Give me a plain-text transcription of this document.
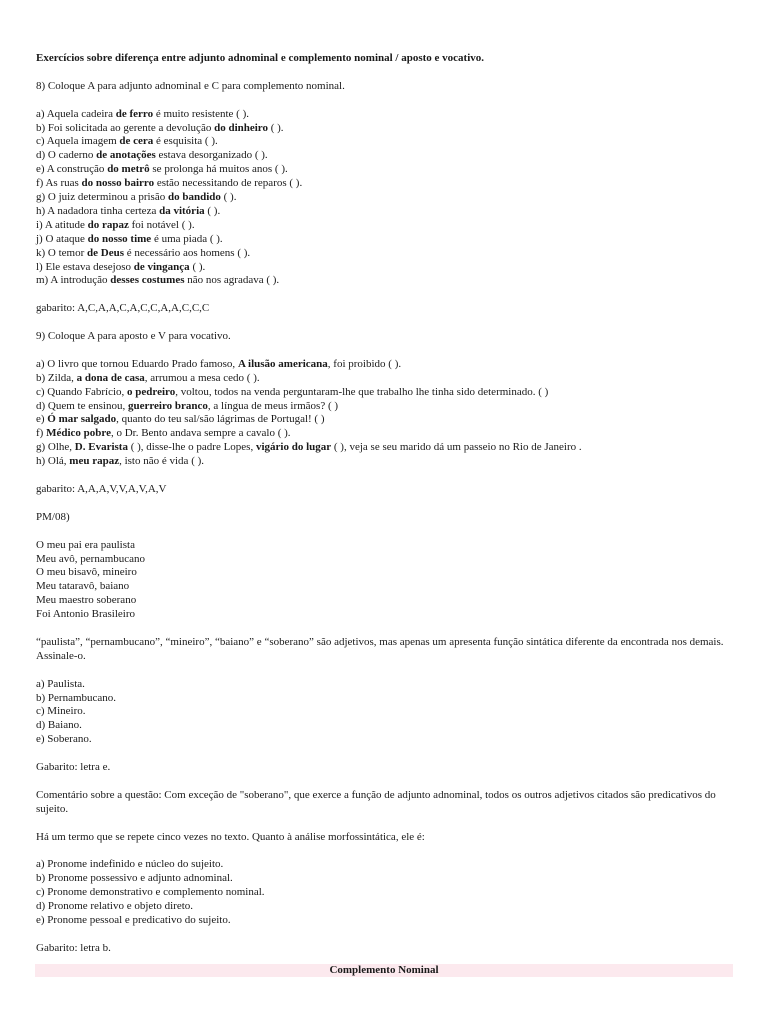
Exercícios sobre diferença entre adjunto adnominal e complemento nominal / aposto e vocativo.
8) Coloque A para adjunto adnominal e C para complemento nominal.
a) Aquela cadeira de ferro é muito resistente ( ).
b) Foi solicitada ao gerente a devolução do dinheiro ( ).
c) Aquela imagem de cera é esquisita ( ).
d) O caderno de anotações estava desorganizado ( ).
e) A construção do metrô se prolonga há muitos anos ( ).
f) As ruas do nosso bairro estão necessitando de reparos ( ).
g) O juiz determinou a prisão do bandido ( ).
h) A nadadora tinha certeza da vitória ( ).
i) A atitude do rapaz foi notável ( ).
j) O ataque do nosso time é uma piada ( ).
k) O temor de Deus é necessário aos homens ( ).
l) Ele estava desejoso de vingança ( ).
m) A introdução desses costumes não nos agradava ( ).
gabarito: A,C,A,A,C,A,C,C,A,A,C,C,C
9) Coloque A para aposto e V para vocativo.
a) O livro que tornou Eduardo Prado famoso, A ilusão americana, foi proibido ( ).
b) Zilda, a dona de casa, arrumou a mesa cedo ( ).
c) Quando Fabrício, o pedreiro, voltou, todos na venda perguntaram-lhe que trabalho lhe tinha sido determinado. ( )
d) Quem te ensinou, guerreiro branco, a língua de meus irmãos? ( )
e) Ó mar salgado, quanto do teu sal/são lágrimas de Portugal! ( )
f) Médico pobre, o Dr. Bento andava sempre a cavalo ( ).
g) Olhe, D. Evarista ( ), disse-lhe o padre Lopes, vigário do lugar ( ), veja se seu marido dá um passeio no Rio de Janeiro .
h) Olá, meu rapaz, isto não é vida ( ).
gabarito: A,A,A,V,V,A,V,A,V
PM/08)
O meu pai era paulista
Meu avô, pernambucano
O meu bisavô, mineiro
Meu tataravô, baiano
Meu maestro soberano
Foi Antonio Brasileiro
“paulista”, “pernambucano”, “mineiro”, “baiano” e “soberano” são adjetivos, mas apenas um apresenta função sintática diferente da encontrada nos demais. Assinale-o.
a) Paulista.
b) Pernambucano.
c) Mineiro.
d) Baiano.
e) Soberano.
Gabarito: letra e.
Comentário sobre a questão: Com exceção de "soberano", que exerce a função de adjunto adnominal, todos os outros adjetivos citados são predicativos do sujeito.
Há um termo que se repete cinco vezes no texto. Quanto à análise morfossintática, ele é:
a) Pronome indefinido e núcleo do sujeito.
b) Pronome possessivo e adjunto adnominal.
c) Pronome demonstrativo e complemento nominal.
d) Pronome relativo e objeto direto.
e) Pronome pessoal e predicativo do sujeito.
Gabarito: letra b.
Complemento Nominal
